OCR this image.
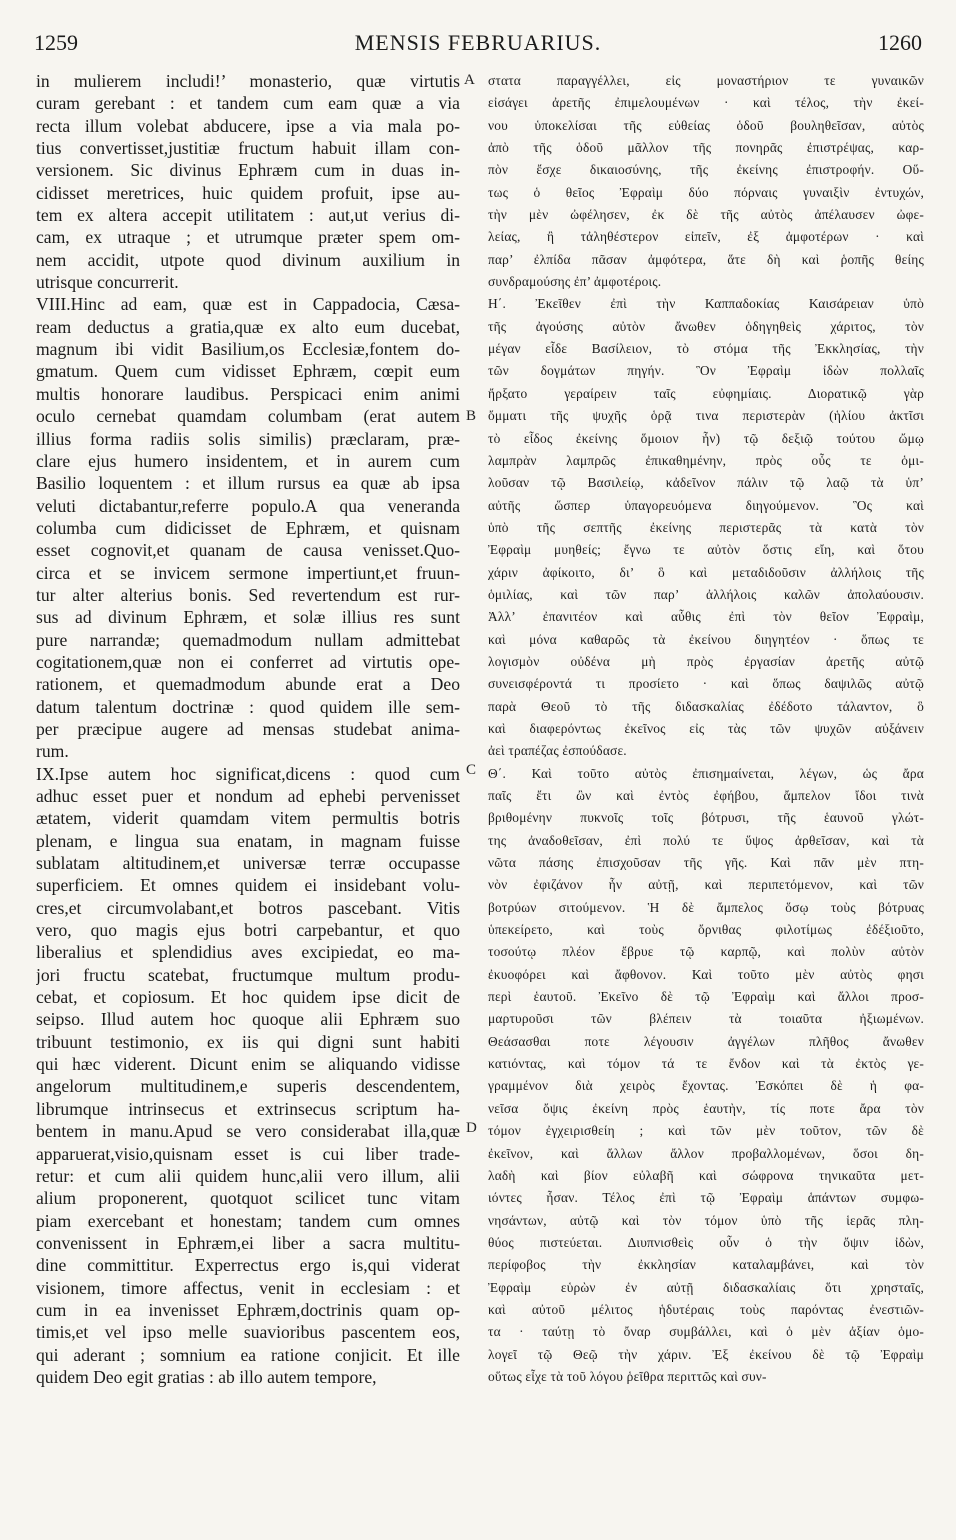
1259	MENSIS FEBRUARIUS.	1260
in mulierem includi!’ monasterio, quæ virtutis
curam gerebant : et tandem cum eam quæ a via
recta illum volebat abducere, ipse a via mala po-
tius convertisset,justitiæ fructum habuit illam con-
versionem. Sic divinus Ephræm cum in duas in-
cidisset meretrices, huic quidem profuit, ipse au-
tem ex altera accepit utilitatem : aut,ut verius di-
cam, ex utraque ; et utrumque præter spem om-
nem accidit, utpote quod divinum auxilium in
utrisque concurrerit.
VIII.Hinc ad eam, quæ est in Cappadocia, Cæsa-
ream deductus a gratia,quæ ex alto eum ducebat,
magnum ibi vidit Basilium,os Ecclesiæ,fontem do-
gmatum. Quem cum vidisset Ephræm, cœpit eum
multis honorare laudibus. Perspicaci enim animi
oculo cernebat quamdam columbam (erat autem
illius forma radiis solis similis) præclaram, præ-
clare ejus humero insidentem, et in aurem cum
Basilio loquentem : et illum rursus ea quæ ab ipsa
veluti dictabantur,referre populo.A qua veneranda
columba cum didicisset de Ephræm, et quisnam
esset cognovit,et quanam de causa venisset.Quo-
circa et se invicem sermone impertiunt,et fruun-
tur alter alterius bonis. Sed revertendum est rur-
sus ad divinum Ephræm, et solæ illius res sunt
pure narrandæ; quemadmodum nullam admittebat
cogitationem,quæ non ei conferret ad virtutis ope-
rationem, et quemadmodum abunde erat a Deo
datum talentum doctrinæ : quod quidem ille sem-
per præcipue augere ad mensas studebat anima-
rum.
IX.Ipse autem hoc significat,dicens : quod cum
adhuc esset puer et nondum ad ephebi pervenisset
ætatem, viderit quamdam vitem permultis botris
plenam, e lingua sua enatam, in magnam fuisse
sublatam altitudinem,et universæ terræ occupasse
superficiem. Et omnes quidem ei insidebant volu-
cres,et circumvolabant,et botros pascebant. Vitis
vero, quo magis ejus botri carpebantur, et quo
liberalius et splendidius aves excipiedat, eo ma-
jori fructu scatebat, fructumque multum produ-
cebat, et copiosum. Et hoc quidem ipse dicit de
seipso. Illud autem hoc quoque alii Ephræm suo
tribuunt testimonio, ex iis qui digni sunt habiti
qui hæc viderent. Dicunt enim se aliquando vidisse
angelorum multitudinem,e superis descendentem,
librumque intrinsecus et extrinsecus scriptum ha-
bentem in manu.Apud se vero considerabat illa,quæ
apparuerat,visio,quisnam esset is cui liber trade-
retur: et cum alii quidem hunc,alii vero illum, alii
alium proponerent, quotquot scilicet tunc vitam
piam exercebant et honestam; tandem cum omnes
convenissent in Ephræm,ei liber a sacra multitu-
dine committitur. Experrectus ergo is,qui viderat
visionem, timore affectus, venit in ecclesiam : et
cum in ea invenisset Ephræm,doctrinis quam op-
timis,et vel ipso melle suavioribus pascentem eos,
qui aderant ; somnium ea ratione conjicit. Et ille
quidem Deo egit gratias : ab illo autem tempore,
στατα παραγγέλλει, εἰς μοναστήριον τε γυναικῶν
εἰσάγει ἀρετῆς ἐπιμελουμένων · καὶ τέλος, τὴν ἐκεί-
νου ὑποκελίσαι τῆς εὐθείας ὁδοῦ βουληθεῖσαν, αὐτὸς
ἀπὸ τῆς ὁδοῦ μᾶλλον τῆς πονηρᾶς ἐπιστρέψας, καρ-
πὸν ἔσχε δικαιοσύνης, τῆς ἐκείνης ἐπιστροφήν. Οὕ-
τως ὁ θεῖος Ἐφραὶμ δύο πόρναις γυναιξὶν ἐντυχών,
τὴν μὲν ὠφέλησεν, ἐκ δὲ τῆς αὐτὸς ἀπέλαυσεν ὠφε-
λείας, ἢ τἀληθέστερον εἰπεῖν, ἐξ ἀμφοτέρων · καὶ
παρ’ ἐλπίδα πᾶσαν ἀμφότερα, ἅτε δὴ καὶ ῥοπῆς θείης
συνδραμούσης ἐπ’ ἀμφοτέροις.
Η΄. Ἐκεῖθεν ἐπὶ τὴν Καππαδοκίας Καισάρειαν ὑπὸ
τῆς ἀγούσης αὐτὸν ἄνωθεν ὁδηγηθεὶς χάριτος, τὸν
μέγαν εἶδε Βασίλειον, τὸ στόμα τῆς Ἐκκλησίας, τὴν
τῶν δογμάτων πηγήν. Ὃν Ἐφραὶμ ἰδὼν πολλαῖς
ἤρξατο γεραίρειν ταῖς εὐφημίαις. Διορατικῷ γὰρ
ὄμματι τῆς ψυχῆς ὁρᾷ τινα περιστερὰν (ἡλίου ἀκτῖσι
τὸ εἶδος ἐκείνης ὅμοιον ἦν) τῷ δεξιῷ τούτου ὤμῳ
λαμπρὰν λαμπρῶς ἐπικαθημένην, πρὸς οὖς τε ὁμι-
λοῦσαν τῷ Βασιλείῳ, κἀδεῖνον πάλιν τῷ λαῷ τὰ ὑπ’
αὐτῆς ὥσπερ ὑπαγορευόμενα διηγούμενον. Ὃς καὶ
ὑπὸ τῆς σεπτῆς ἐκείνης περιστερᾶς τὰ κατὰ τὸν
Ἐφραὶμ μυηθείς; ἔγνω τε αὐτὸν ὅστις εἴη, καὶ ὅτου
χάριν ἀφίκοιτο, δι’ ὃ καὶ μεταδιδοῦσιν ἀλλήλοις τῆς
ὁμιλίας, καὶ τῶν παρ’ ἀλλήλοις καλῶν ἀπολαύουσιν.
Ἀλλ’ ἐπανιτέον καὶ αὖθις ἐπὶ τὸν θεῖον Ἐφραὶμ,
καὶ μόνα καθαρῶς τὰ ἐκείνου διηγητέον · ὅπως τε
λογισμὸν οὐδένα μὴ πρὸς ἐργασίαν ἀρετῆς αὐτῷ
συνεισφέροντά τι προσίετο · καὶ ὅπως δαψιλῶς αὐτῷ
παρὰ Θεοῦ τὸ τῆς διδασκαλίας ἐδέδοτο τάλαντον, ὃ
καὶ διαφερόντως ἐκεῖνος εἰς τὰς τῶν ψυχῶν αὐξάνειν
ἀεὶ τραπέζας ἐσπούδασε.
Θ΄. Καὶ τοῦτο αὐτὸς ἐπισημαίνεται, λέγων, ὡς ἄρα
παῖς ἔτι ὢν καὶ ἐντὸς ἐφήβου, ἄμπελον ἴδοι τινὰ
βριθομένην πυκνοῖς τοῖς βότρυσι, τῆς ἑαυνοῦ γλώτ-
της ἀναδοθεῖσαν, ἐπὶ πολύ τε ὕψος ἀρθεῖσαν, καὶ τὰ
νῶτα πάσης ἐπισχοῦσαν τῆς γῆς. Καὶ πᾶν μὲν πτη-
νὸν ἐφιζάνον ἦν αὐτῇ, καὶ περιπετόμενον, καὶ τῶν
βοτρύων σιτούμενον. Ἡ δὲ ἄμπελος ὅσῳ τοὺς βότρυας
ὑπεκείρετο, καὶ τοὺς ὄρνιθας φιλοτίμως ἐδέξιοῦτο,
τοσούτῳ πλέον ἔβρυε τῷ καρπῷ, καὶ πολὺν αὐτὸν
ἐκυοφόρει καὶ ἄφθονον. Καὶ τοῦτο μὲν αὐτὸς φησι
περὶ ἑαυτοῦ. Ἐκεῖνο δὲ τῷ Ἐφραὶμ καὶ ἄλλοι προσ-
μαρτυροῦσι τῶν βλέπειν τὰ τοιαῦτα ἠξιωμένων.
Θεάσασθαι ποτε λέγουσιν ἀγγέλων πλῆθος ἄνωθεν
κατιόντας, καὶ τόμον τά τε ἔνδον καὶ τὰ ἐκτὸς γε-
γραμμένον διὰ χειρὸς ἔχοντας. Ἐσκόπει δὲ ἡ φα-
νεῖσα ὄψις ἐκείνη πρὸς ἑαυτὴν, τίς ποτε ἄρα τὸν
τόμον ἐγχειρισθείη ; καὶ τῶν μὲν τοῦτον, τῶν δὲ
ἐκεῖνον, καὶ ἄλλων ἄλλον προβαλλομένων, ὅσοι δη-
λαδὴ καὶ βίον εὐλαβῆ καὶ σώφρονα τηνικαῦτα μετ-
ιόντες ἦσαν. Τέλος ἐπὶ τῷ Ἐφραὶμ ἁπάντων συμφω-
νησάντων, αὐτῷ καὶ τὸν τόμον ὑπὸ τῆς ἱερᾶς πλη-
θύος πιστεύεται. Διυπνισθεὶς οὖν ὁ τὴν ὄψιν ἰδὼν,
περίφοβος τὴν ἐκκλησίαν καταλαμβάνει, καὶ τὸν
Ἐφραὶμ εὑρὼν ἐν αὐτῇ διδασκαλίαις ὅτι χρησταῖς,
καὶ αὐτοῦ μέλιτος ἡδυτέραις τοὺς παρόντας ἐνεστιῶν-
τα · ταύτῃ τὸ ὄναρ συμβάλλει, καὶ ὁ μὲν ἀξίαν ὁμο-
λογεῖ τῷ Θεῷ τὴν χάριν. Ἐξ ἐκείνου δὲ τῷ Ἐφραὶμ
οὕτως εἶχε τὰ τοῦ λόγου ῥεῖθρα περιττῶς καὶ συν-
A
B
C
D
